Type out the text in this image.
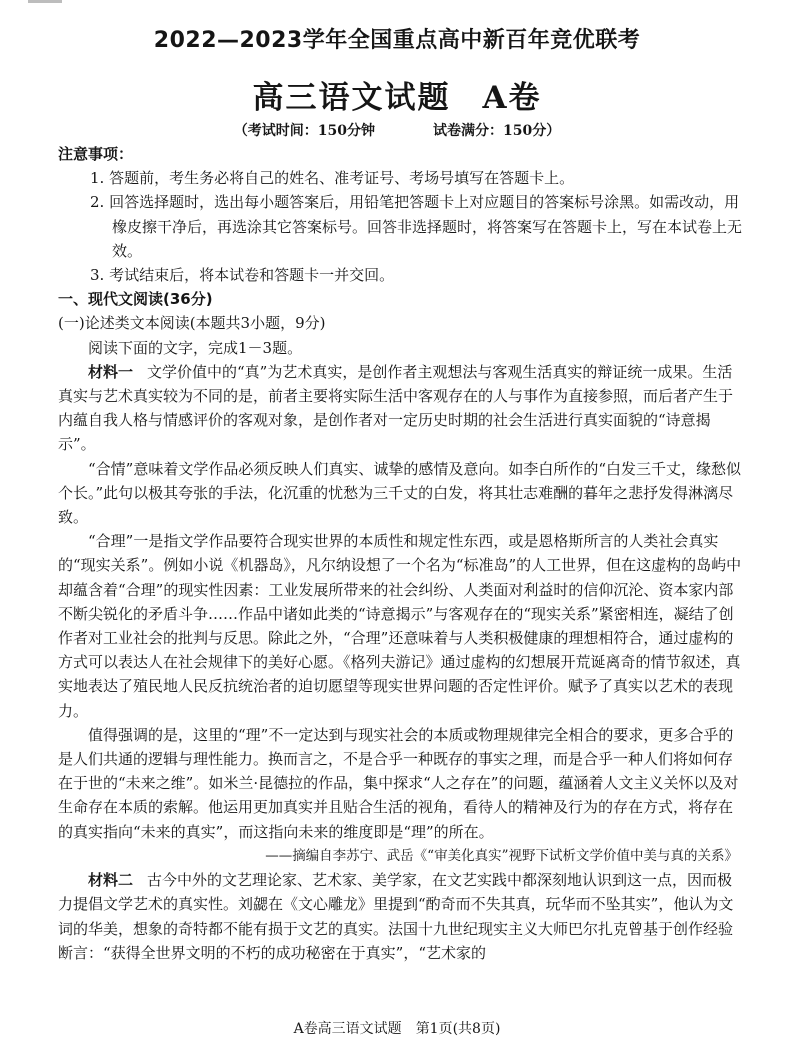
2022—2023学年全国重点高中新百年竞优联考
高三语文试题 A卷
（考试时间：150分钟	试卷满分：150分）

注意事项：

1. 答题前，考生务必将自己的姓名、准考证号、考场号填写在答题卡上。

2. 回答选择题时，选出每小题答案后，用铅笔把答题卡上对应题目的答案标号涂黑。如需改动，用橡皮擦干净后，再选涂其它答案标号。回答非选择题时，将答案写在答题卡上，写在本试卷上无效。

3. 考试结束后，将本试卷和答题卡一并交回。

一、现代文阅读(36分)

(一)论述类文本阅读(本题共3小题，9分)

阅读下面的文字，完成1－3题。

材料一 文学价值中的“真”为艺术真实，是创作者主观想法与客观生活真实的辩证统一成果。生活真实与艺术真实较为不同的是，前者主要将实际生活中客观存在的人与事作为直接参照，而后者产生于内蕴自我人格与情感评价的客观对象，是创作者对一定历史时期的社会生活进行真实面貌的“诗意揭示”。

“合情”意味着文学作品必须反映人们真实、诚挚的感情及意向。如李白所作的“白发三千丈，缘愁似个长。”此句以极其夸张的手法，化沉重的忧愁为三千丈的白发，将其壮志难酬的暮年之悲抒发得淋漓尽致。

“合理”一是指文学作品要符合现实世界的本质性和规定性东西，或是恩格斯所言的人类社会真实的“现实关系”。例如小说《机器岛》，凡尔纳设想了一个名为“标准岛”的人工世界，但在这虚构的岛屿中却蕴含着“合理”的现实性因素：工业发展所带来的社会纠纷、人类面对利益时的信仰沉沦、资本家内部不断尖锐化的矛盾斗争……作品中诸如此类的“诗意揭示”与客观存在的“现实关系”紧密相连，凝结了创作者对工业社会的批判与反思。除此之外，“合理”还意味着与人类积极健康的理想相符合，通过虚构的方式可以表达人在社会规律下的美好心愿。《格列夫游记》通过虚构的幻想展开荒诞离奇的情节叙述，真实地表达了殖民地人民反抗统治者的迫切愿望等现实世界问题的否定性评价。赋予了真实以艺术的表现力。

值得强调的是，这里的“理”不一定达到与现实社会的本质或物理规律完全相合的要求，更多合乎的是人们共通的逻辑与理性能力。换而言之，不是合乎一种既存的事实之理，而是合乎一种人们将如何存在于世的“未来之维”。如米兰·昆德拉的作品，集中探求“人之存在”的问题，蕴涵着人文主义关怀以及对生命存在本质的索解。他运用更加真实并且贴合生活的视角，看待人的精神及行为的存在方式，将存在的真实指向“未来的真实”，而这指向未来的维度即是“理”的所在。

——摘编自李苏宁、武岳《“审美化真实”视野下试析文学价值中美与真的关系》

材料二 古今中外的文艺理论家、艺术家、美学家，在文艺实践中都深刻地认识到这一点，因而极力提倡文学艺术的真实性。刘勰在《文心雕龙》里提到“酌奇而不失其真，玩华而不坠其实”，他认为文词的华美，想象的奇特都不能有损于文艺的真实。法国十九世纪现实主义大师巴尔扎克曾基于创作经验断言：“获得全世界文明的不朽的成功秘密在于真实”，“艺术家的

A卷高三语文试题 第1页(共8页)
